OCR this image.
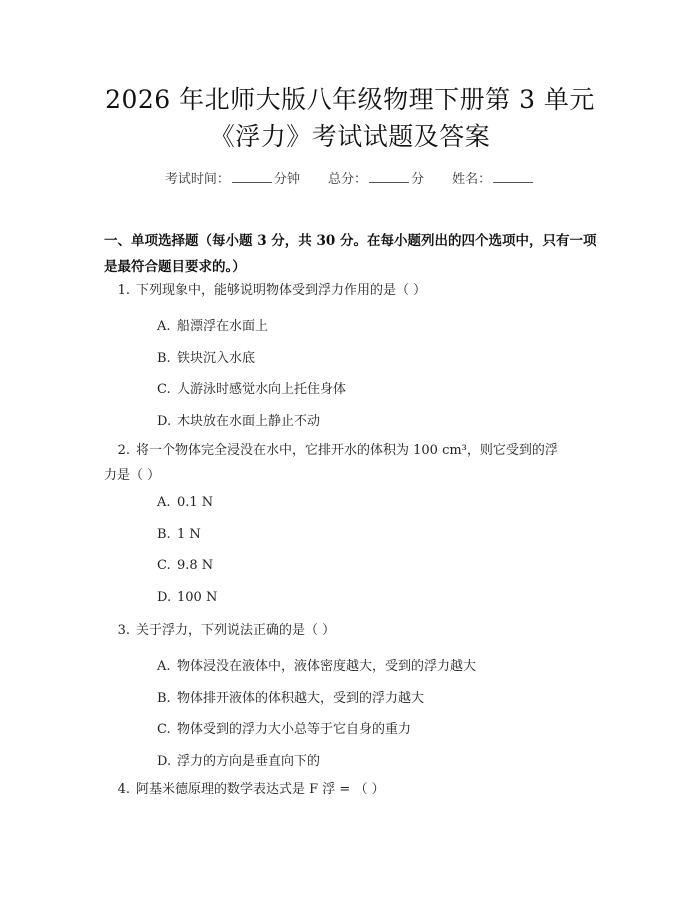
2026 年北师大版八年级物理下册第 3 单元
《浮力》考试试题及答案
考试时间：	分钟 总分：	分 姓名：
一、单项选择题（每小题 3 分，共 30 分。在每小题列出的四个选项中，只有一项
是最符合题目要求的。）
1. 下列现象中，能够说明物体受到浮力作用的是（ ）
A. 船漂浮在水面上
B. 铁块沉入水底
C. 人游泳时感觉水向上托住身体
D. 木块放在水面上静止不动
2. 将一个物体完全浸没在水中，它排开水的体积为 100 cm³，则它受到的浮
力是（ ）
A. 0.1 N
B. 1 N
C. 9.8 N
D. 100 N
3. 关于浮力，下列说法正确的是（ ）
A. 物体浸没在液体中，液体密度越大，受到的浮力越大
B. 物体排开液体的体积越大，受到的浮力越大
C. 物体受到的浮力大小总等于它自身的重力
D. 浮力的方向是垂直向下的
4. 阿基米德原理的数学表达式是 F 浮 = （ ）
